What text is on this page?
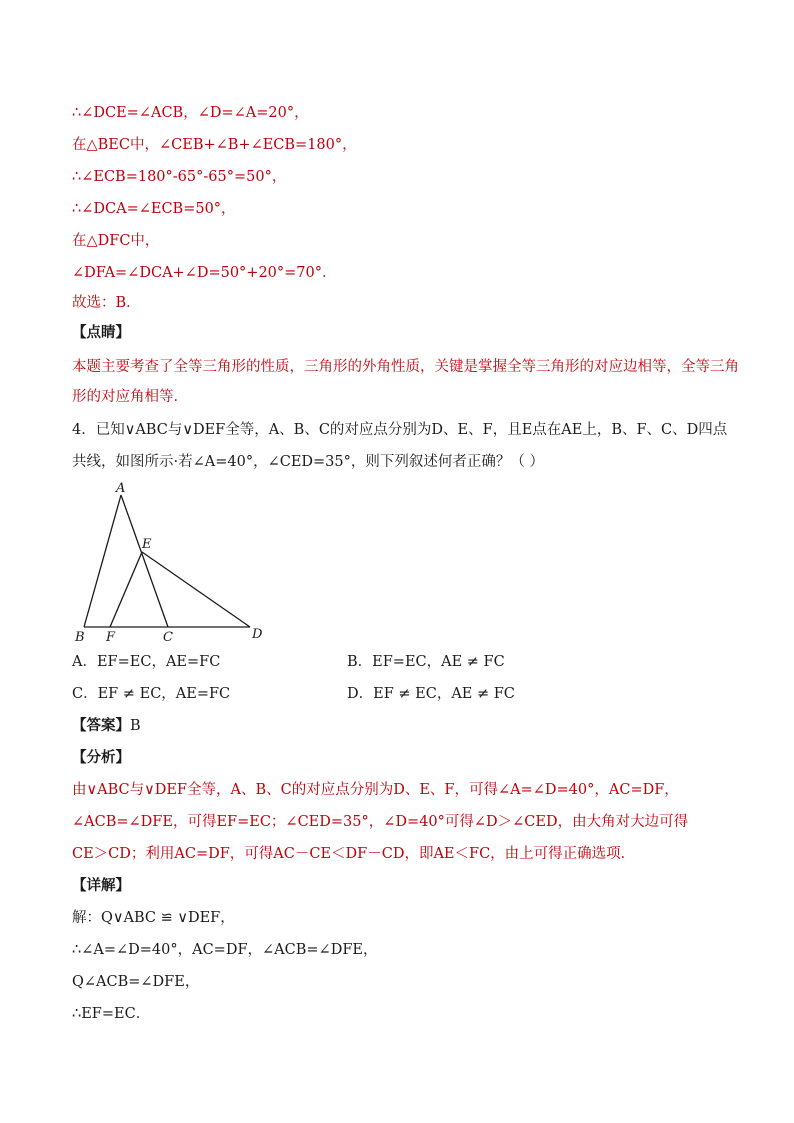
∴∠DCE=∠ACB，∠D=∠A=20°，
在△BEC中，∠CEB+∠B+∠ECB=180°，
∴∠ECB=180°-65°-65°=50°，
∴∠DCA=∠ECB=50°，
在△DFC中，
∠DFA=∠DCA+∠D=50°+20°=70°．
故选：B．
【点睛】
本题主要考查了全等三角形的性质，三角形的外角性质，关键是掌握全等三角形的对应边相等，全等三角
形的对应角相等．
4．已知∨ABC与∨DEF全等，A、B、C的对应点分别为D、E、F，且E点在AE上，B、F、C、D四点
共线，如图所示·若∠A=40°，∠CED=35°，则下列叙述何者正确？（ ）
A
E
B F	C	D
A．EF=EC，AE=FC	B．EF=EC，AE ≠ FC
C．EF ≠ EC，AE=FC	D．EF ≠ EC，AE ≠ FC
【答案】B
【分析】
由∨ABC与∨DEF全等，A、B、C的对应点分别为D、E、F，可得∠A=∠D=40°，AC=DF，
∠ACB=∠DFE，可得EF=EC；∠CED=35°，∠D=40°可得∠D＞∠CED，由大角对大边可得
CE＞CD；利用AC=DF，可得AC－CE＜DF－CD，即AE＜FC，由上可得正确选项．
【详解】
解：Q∨ABC ≌ ∨DEF，
∴∠A=∠D=40°，AC=DF，∠ACB=∠DFE，
Q∠ACB=∠DFE，
∴EF=EC．
